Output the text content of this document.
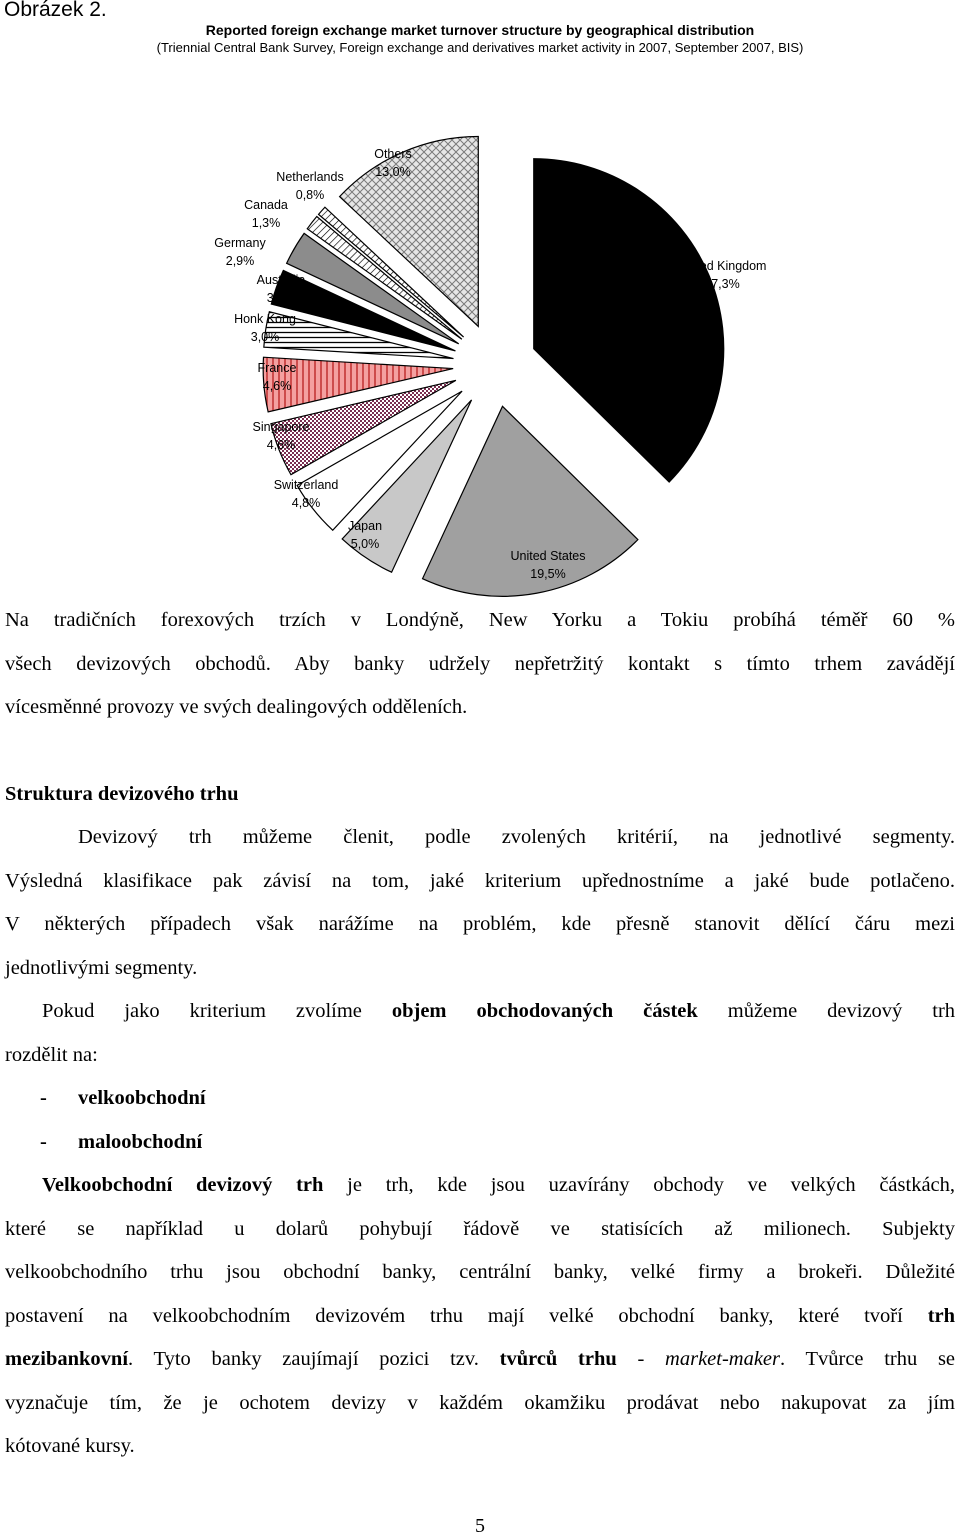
Obrázek 2.
Reported foreign exchange market turnover structure by geographical distribution
(Triennial Central Bank Survey, Foreign exchange and derivatives market activity in 2007, September 2007, BIS)
United Kingdom
37,3%
United States
19,5%
Japan
5,0%
Switzerland
4,8%
Singapore
4,6%
France
4,6%
Honk Kong
3,0%
Australia
3,0%
Germany
2,9%
Canada
1,3%
Netherlands
0,8%
Others
13,0%
Na tradičních forexových trzích v Londýně, New Yorku a Tokiu probíhá téměř 60 %
všech devizových obchodů. Aby banky udržely nepřetržitý kontakt s tímto trhem zavádějí
vícesměnné provozy ve svých dealingových odděleních.
Struktura devizového trhu
Devizový trh můžeme členit, podle zvolených kritérií, na jednotlivé segmenty.
Výsledná klasifikace pak závisí na tom, jaké kriterium upřednostníme a jaké bude potlačeno.
V některých případech však narážíme na problém, kde přesně stanovit dělící čáru mezi
jednotlivými segmenty.
Pokud jako kriterium zvolíme objem obchodovaných částek můžeme devizový trh
rozdělit na:
-	velkoobchodní
-	maloobchodní
Velkoobchodní devizový trh je trh, kde jsou uzavírány obchody ve velkých částkách,
které se například u dolarů pohybují řádově ve statisících až milionech. Subjekty
velkoobchodního trhu jsou obchodní banky, centrální banky, velké firmy a brokeři. Důležité
postavení na velkoobchodním devizovém trhu mají velké obchodní banky, které tvoří trh
mezibankovní. Tyto banky zaujímají pozici tzv. tvůrců trhu - market-maker. Tvůrce trhu se
vyznačuje tím, že je ochotem devizy v každém okamžiku prodávat nebo nakupovat za jím
kótované kursy.
5
